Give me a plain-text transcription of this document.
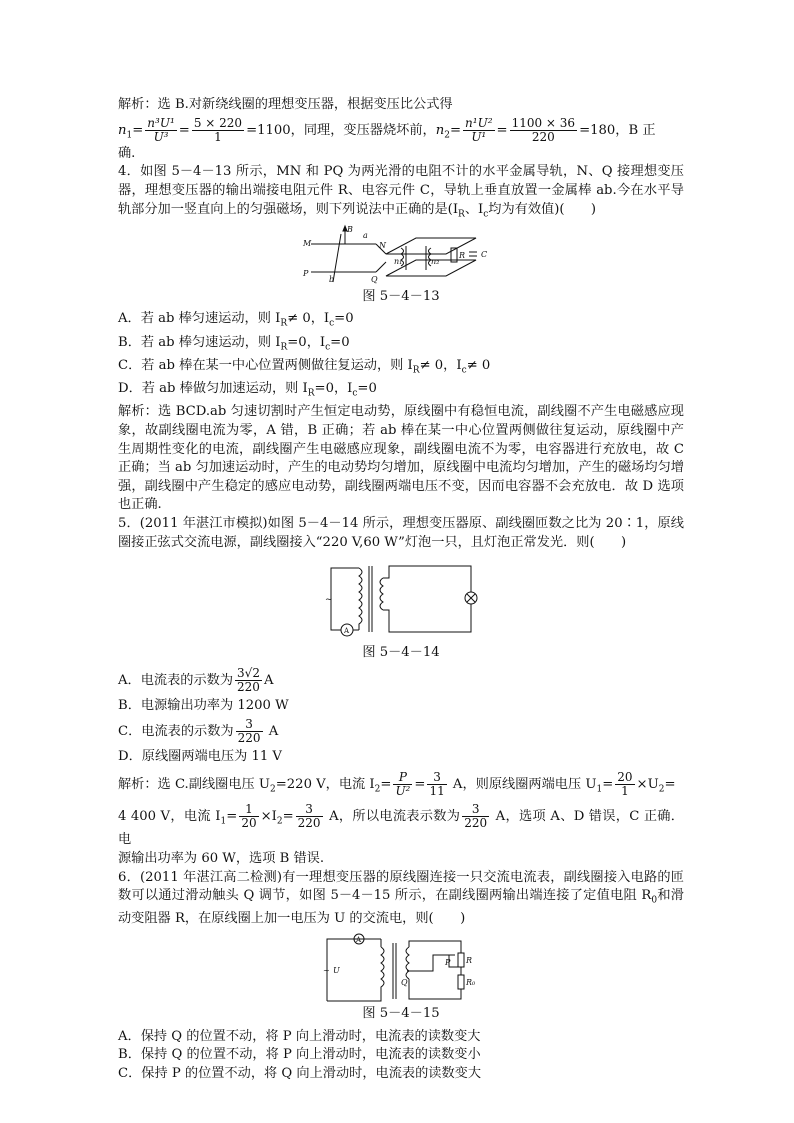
解析：选 B.对新绕线圈的理想变压器，根据变压比公式得

$n_1= \frac{\text{n³U¹}}{\text{U³}} = \frac{5 \times 220}{1} =1100$，同理，变压器烧坏前，$n_2= \frac{\text{n¹U²}}{\text{U¹}} = \frac{1100 \times 36}{220} =180$，B 正

确.

4．如图 5－4－13 所示，MN 和 PQ 为两光滑的电阻不计的水平金属导轨，N、Q 接理想变压器，理想变压器的输出端接电阻元件 R、电容元件 C，导轨上垂直放置一金属棒 ab.今在水平导轨部分加一竖直向上的匀强磁场，则下列说法中正确的是($I_R$、$I_c$均为有效值)(　　)

M
B
a
N
P
b	Q
n₁	n₂
R C

图 5－4－13

A．若 ab 棒匀速运动，则 $I_R\ne 0$，$I_c=0$

B．若 ab 棒匀速运动，则 $I_R=0$，$I_c=0$

C．若 ab 棒在某一中心位置两侧做往复运动，则 $I_R\ne 0$，$I_c\ne 0$

D．若 ab 棒做匀加速运动，则 $I_R=0$，$I_c=0$

解析：选 BCD.ab 匀速切割时产生恒定电动势，原线圈中有稳恒电流，副线圈不产生电磁感应现象，故副线圈电流为零，A 错，B 正确；若 ab 棒在某一中心位置两侧做往复运动，原线圈中产生周期性变化的电流，副线圈产生电磁感应现象，副线圈电流不为零，电容器进行充放电，故 C 正确；当 ab 匀加速运动时，产生的电动势均匀增加，原线圈中电流均匀增加，产生的磁场均匀增强，副线圈中产生稳定的感应电动势，副线圈两端电压不变，因而电容器不会充放电．故 D 选项也正确.

5．(2011 年湛江市模拟)如图 5－4－14 所示，理想变压器原、副线圈匝数之比为 20∶1，原线圈接正弦式交流电源，副线圈接入“220 V,60 W”灯泡一只，且灯泡正常发光．则(　　)

~
A

图 5－4－14

A．电流表的示数为 $\frac{3√2}{220}$ A

B．电源输出功率为 1200 W

C．电流表的示数为 $\frac{3}{220}$ A

D．原线圈两端电压为 11 V

解析：选 C.副线圈电压 $U_2=220$ V，电流 $I_2= \frac{P}{\text{U²}} = \frac{3}{11}$ A，则原线圈两端电压 $U_1= \frac{20}{1} \times U_2=$

4 400 V，电流 $I_1= \frac{1}{20} \times I_2= \frac{3}{220}$ A，所以电流表示数为 $\frac{3}{220}$ A，选项 A、D 错误，C 正确．电

源输出功率为 60 W，选项 B 错误.

6．(2011 年湛江高二检测)有一理想变压器的原线圈连接一只交流电流表，副线圈接入电路的匝数可以通过滑动触头 Q 调节，如图 5－4－15 所示，在副线圈两输出端连接了定值电阻 $R_0$和滑动变阻器 R，在原线圈上加一电压为 U 的交流电，则(　　)

A
~ U
P R
Q	R₀

图 5－4－15

A．保持 Q 的位置不动，将 P 向上滑动时，电流表的读数变大

B．保持 Q 的位置不动，将 P 向上滑动时，电流表的读数变小

C．保持 P 的位置不动，将 Q 向上滑动时，电流表的读数变大
